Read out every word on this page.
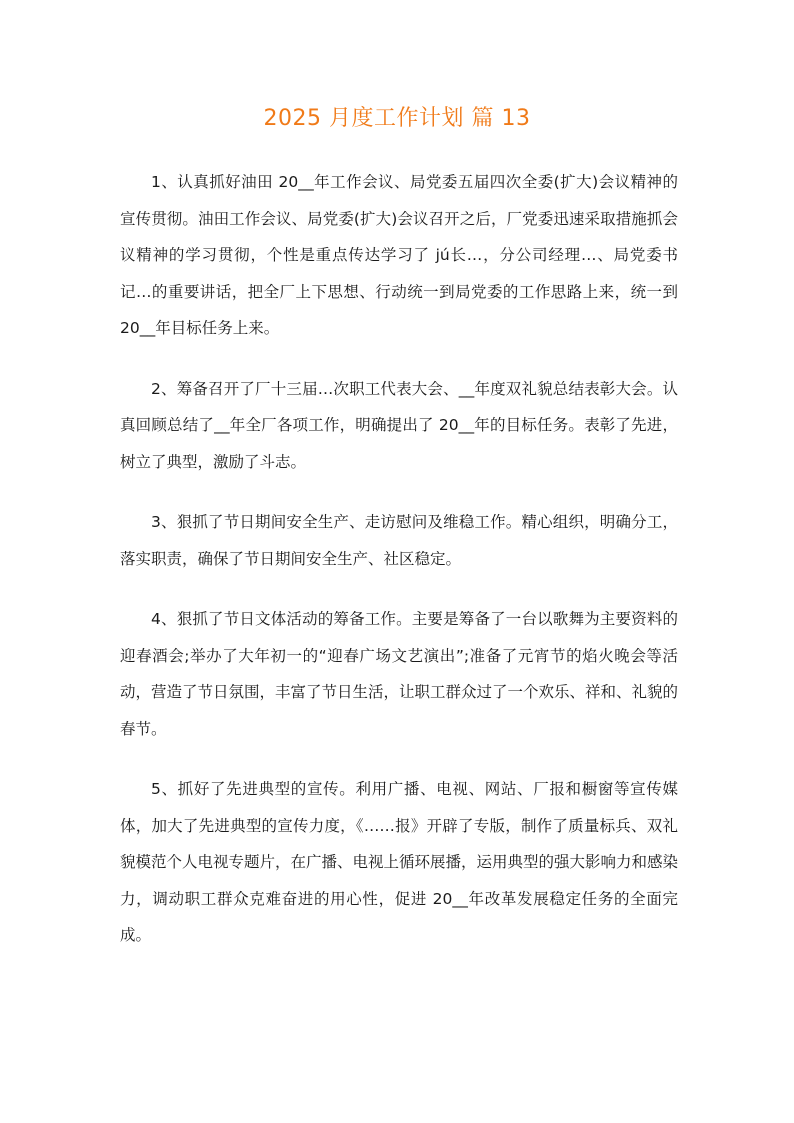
2025 月度工作计划 篇 13

1、认真抓好油田 20__年工作会议、局党委五届四次全委(扩大)会议精神的宣传贯彻。油田工作会议、局党委(扩大)会议召开之后，厂党委迅速采取措施抓会议精神的学习贯彻，个性是重点传达学习了 jú长…，分公司经理…、局党委书记…的重要讲话，把全厂上下思想、行动统一到局党委的工作思路上来，统一到 20__年目标任务上来。

2、筹备召开了厂十三届…次职工代表大会、__年度双礼貌总结表彰大会。认真回顾总结了__年全厂各项工作，明确提出了 20__年的目标任务。表彰了先进，树立了典型，激励了斗志。

3、狠抓了节日期间安全生产、走访慰问及维稳工作。精心组织，明确分工，落实职责，确保了节日期间安全生产、社区稳定。

4、狠抓了节日文体活动的筹备工作。主要是筹备了一台以歌舞为主要资料的迎春酒会;举办了大年初一的“迎春广场文艺演出”;准备了元宵节的焰火晚会等活动，营造了节日氛围，丰富了节日生活，让职工群众过了一个欢乐、祥和、礼貌的春节。

5、抓好了先进典型的宣传。利用广播、电视、网站、厂报和橱窗等宣传媒体，加大了先进典型的宣传力度，《……报》开辟了专版，制作了质量标兵、双礼貌模范个人电视专题片，在广播、电视上循环展播，运用典型的强大影响力和感染力，调动职工群众克难奋进的用心性，促进 20__年改革发展稳定任务的全面完成。
